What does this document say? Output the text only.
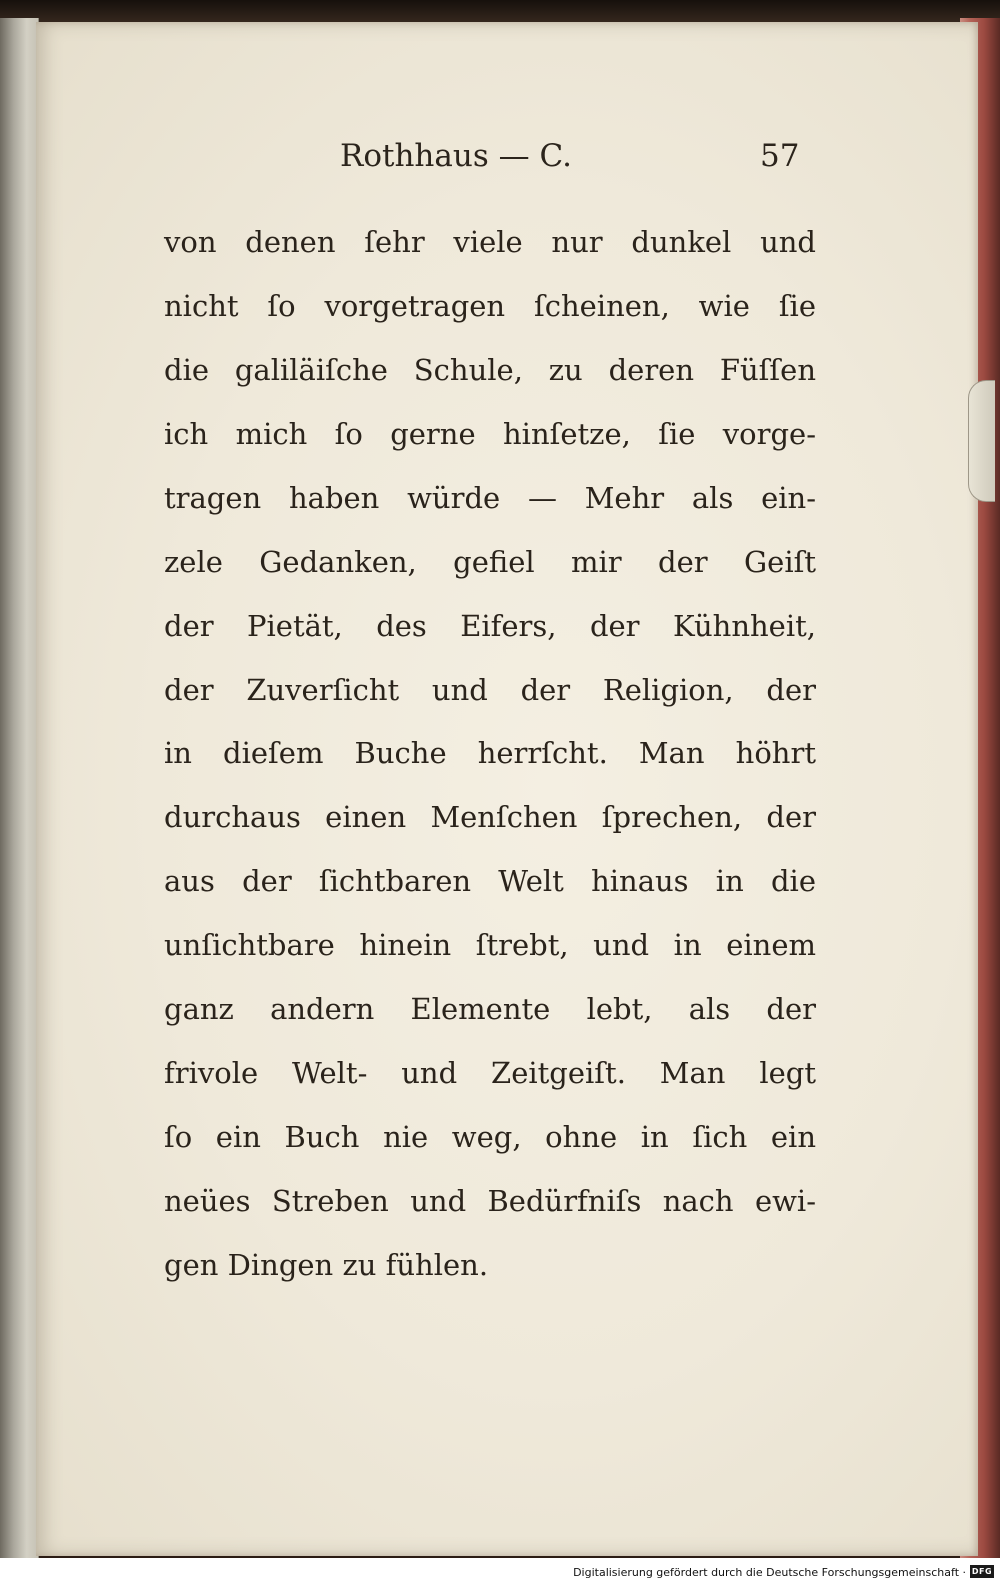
Rothhaus — C.	57
von denen ſehr viele nur dunkel und
nicht ſo vorgetragen ſcheinen, wie ſie
die galiläiſche Schule, zu deren Füſſen
ich mich ſo gerne hinſetze, ſie vorge-
tragen haben würde — Mehr als ein-
zele Gedanken, gefiel mir der Geiſt
der Pietät, des Eifers, der Kühnheit,
der Zuverſicht und der Religion, der
in dieſem Buche herrſcht. Man höhrt
durchaus einen Menſchen ſprechen, der
aus der ſichtbaren Welt hinaus in die
unſichtbare hinein ſtrebt, und in einem
ganz andern Elemente lebt, als der
frivole Welt- und Zeitgeiſt. Man legt
ſo ein Buch nie weg, ohne in ſich ein
neües Streben und Bedürfniſs nach ewi-
gen Dingen zu fühlen.
Digitalisierung gefördert durch die Deutsche Forschungsgemeinschaft · DFG
